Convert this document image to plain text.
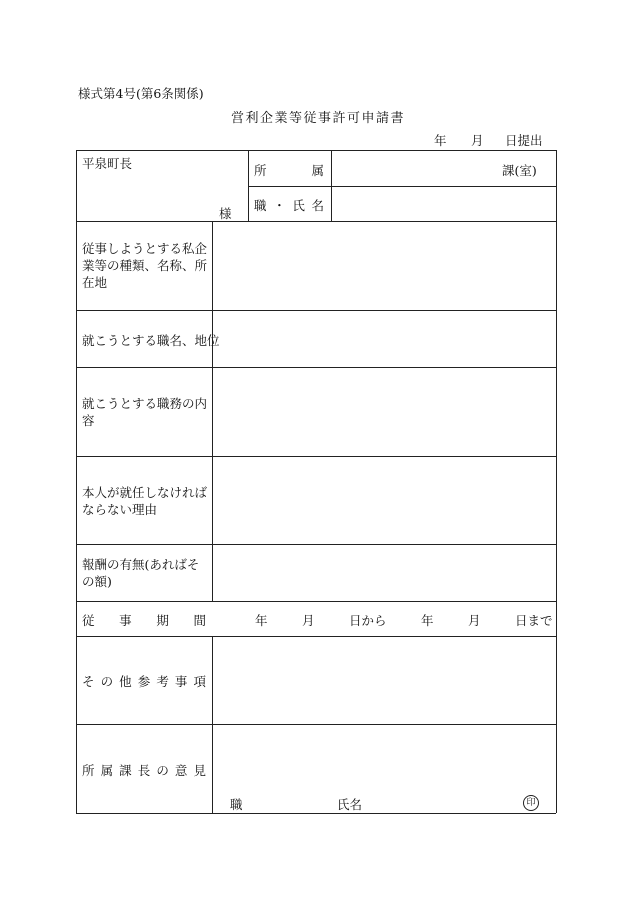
様式第4号(第6条関係)
営利企業等従事許可申請書
年 月 日提出
平泉町長
様
所	属	課(室)
職 ・ 氏 名
従事しようとする私企業等の種類、名称、所在地
就こうとする職名、地位
就こうとする職務の内容
本人が就任しなければならない理由
報酬の有無(あればその額)
従 事 期 間	年	月	日から	年	月	日まで
そ の 他 参 考 事 項
所 属 課 長 の 意 見
職	氏名	印
